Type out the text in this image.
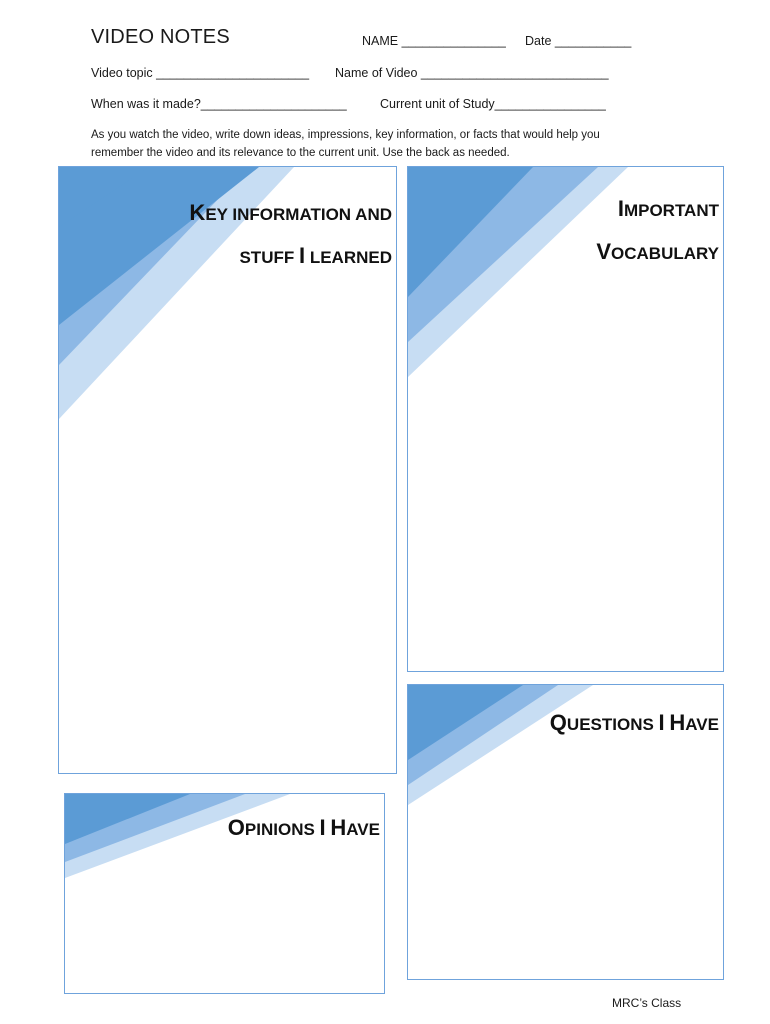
VIDEO NOTES	NAME _______________ Date ___________
Video topic ______________________ Name of Video ___________________________
When was it made?_____________________	Current unit of Study________________
As you watch the video, write down ideas, impressions, key information, or facts that would help you
remember the video and its relevance to the current unit. Use the back as needed.
KEY INFORMATION AND
STUFF I LEARNED
IMPORTANT
VOCABULARY
QUESTIONS I HAVE
OPINIONS I HAVE
MRC’s Class
